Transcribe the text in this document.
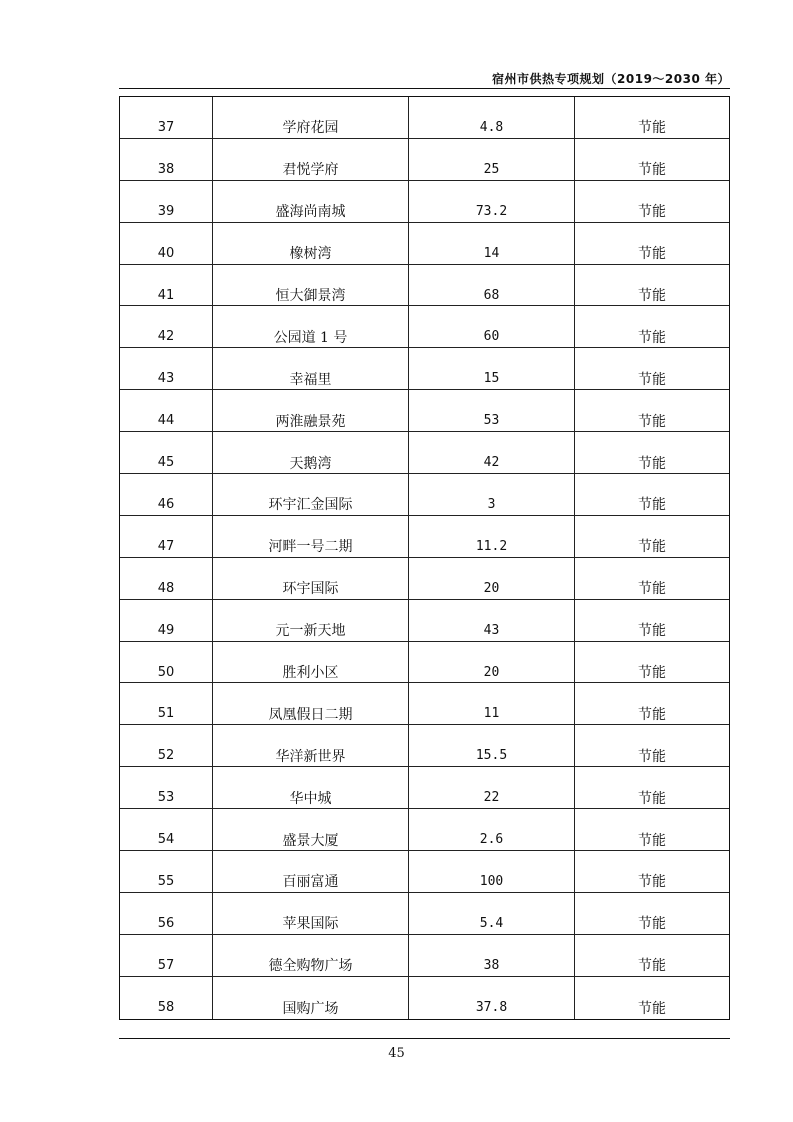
宿州市供热专项规划（2019～2030 年）
37	学府花园	4.8	节能
38	君悦学府	25	节能
39	盛海尚南城	73.2	节能
40	橡树湾	14	节能
41	恒大御景湾	68	节能
42	公园道 1 号	60	节能
43	幸福里	15	节能
44	两淮融景苑	53	节能
45	天鹅湾	42	节能
46	环宇汇金国际	3	节能
47	河畔一号二期	11.2	节能
48	环宇国际	20	节能
49	元一新天地	43	节能
50	胜利小区	20	节能
51	凤凰假日二期	11	节能
52	华洋新世界	15.5	节能
53	华中城	22	节能
54	盛景大厦	2.6	节能
55	百丽富通	100	节能
56	苹果国际	5.4	节能
57	德全购物广场	38	节能
58	国购广场	37.8	节能
45
